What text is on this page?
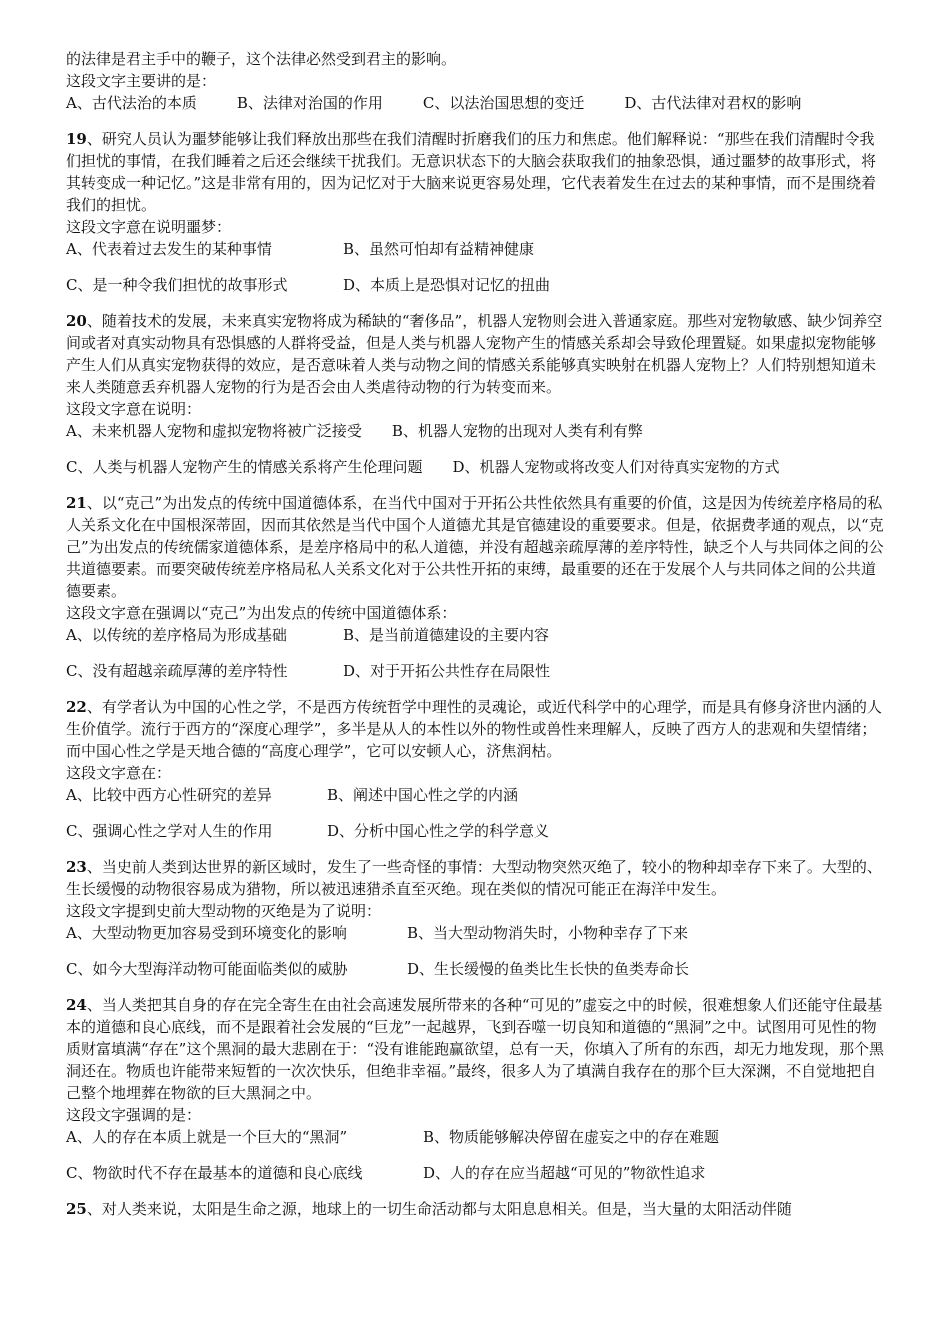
的法律是君主手中的鞭子，这个法律必然受到君主的影响。

这段文字主要讲的是：

A、古代法治的本质	B、法律对治国的作用	C、以法治国思想的变迁	D、古代法律对君权的影响

19、研究人员认为噩梦能够让我们释放出那些在我们清醒时折磨我们的压力和焦虑。他们解释说：“那些在我们清醒时令我们担忧的事情，在我们睡着之后还会继续干扰我们。无意识状态下的大脑会获取我们的抽象恐惧，通过噩梦的故事形式，将其转变成一种记忆。”这是非常有用的，因为记忆对于大脑来说更容易处理，它代表着发生在过去的某种事情，而不是围绕着我们的担忧。

这段文字意在说明噩梦：

A、代表着过去发生的某种事情	B、虽然可怕却有益精神健康
C、是一种令我们担忧的故事形式	D、本质上是恐惧对记忆的扭曲

20、随着技术的发展，未来真实宠物将成为稀缺的“奢侈品”，机器人宠物则会进入普通家庭。那些对宠物敏感、缺少饲养空间或者对真实动物具有恐惧感的人群将受益，但是人类与机器人宠物产生的情感关系却会导致伦理置疑。如果虚拟宠物能够产生人们从真实宠物获得的效应，是否意味着人类与动物之间的情感关系能够真实映射在机器人宠物上？人们特别想知道未来人类随意丢弃机器人宠物的行为是否会由人类虐待动物的行为转变而来。

这段文字意在说明：

A、未来机器人宠物和虚拟宠物将被广泛接受 B、机器人宠物的出现对人类有利有弊
C、人类与机器人宠物产生的情感关系将产生伦理问题 D、机器人宠物或将改变人们对待真实宠物的方式

21、以“克己”为出发点的传统中国道德体系，在当代中国对于开拓公共性依然具有重要的价值，这是因为传统差序格局的私人关系文化在中国根深蒂固，因而其依然是当代中国个人道德尤其是官德建设的重要要求。但是，依据费孝通的观点，以“克己”为出发点的传统儒家道德体系，是差序格局中的私人道德，并没有超越亲疏厚薄的差序特性，缺乏个人与共同体之间的公共道德要素。而要突破传统差序格局私人关系文化对于公共性开拓的束缚，最重要的还在于发展个人与共同体之间的公共道德要素。

这段文字意在强调以“克己”为出发点的传统中国道德体系：

A、以传统的差序格局为形成基础	B、是当前道德建设的主要内容
C、没有超越亲疏厚薄的差序特性	D、对于开拓公共性存在局限性

22、有学者认为中国的心性之学，不是西方传统哲学中理性的灵魂论，或近代科学中的心理学，而是具有修身济世内涵的人生价值学。流行于西方的“深度心理学”，多半是从人的本性以外的物性或兽性来理解人，反映了西方人的悲观和失望情绪；而中国心性之学是天地合德的“高度心理学”，它可以安顿人心，济焦润枯。

这段文字意在：

A、比较中西方心性研究的差异	B、阐述中国心性之学的内涵
C、强调心性之学对人生的作用	D、分析中国心性之学的科学意义

23、当史前人类到达世界的新区域时，发生了一些奇怪的事情：大型动物突然灭绝了，较小的物种却幸存下来了。大型的、生长缓慢的动物很容易成为猎物，所以被迅速猎杀直至灭绝。现在类似的情况可能正在海洋中发生。

这段文字提到史前大型动物的灭绝是为了说明：

A、大型动物更加容易受到环境变化的影响	B、当大型动物消失时，小物种幸存了下来
C、如今大型海洋动物可能面临类似的威胁	D、生长缓慢的鱼类比生长快的鱼类寿命长

24、当人类把其自身的存在完全寄生在由社会高速发展所带来的各种“可见的”虚妄之中的时候，很难想象人们还能守住最基本的道德和良心底线，而不是跟着社会发展的“巨龙”一起越界，飞到吞噬一切良知和道德的“黑洞”之中。试图用可见性的物质财富填满“存在”这个黑洞的最大悲剧在于：“没有谁能跑赢欲望，总有一天，你填入了所有的东西，却无力地发现，那个黑洞还在。物质也许能带来短暂的一次次快乐，但绝非幸福。”最终，很多人为了填满自我存在的那个巨大深渊，不自觉地把自己整个地埋葬在物欲的巨大黑洞之中。

这段文字强调的是：

A、人的存在本质上就是一个巨大的“黑洞”	B、物质能够解决停留在虚妄之中的存在难题
C、物欲时代不存在最基本的道德和良心底线	D、人的存在应当超越“可见的”物欲性追求

25、对人类来说，太阳是生命之源，地球上的一切生命活动都与太阳息息相关。但是，当大量的太阳活动伴随
